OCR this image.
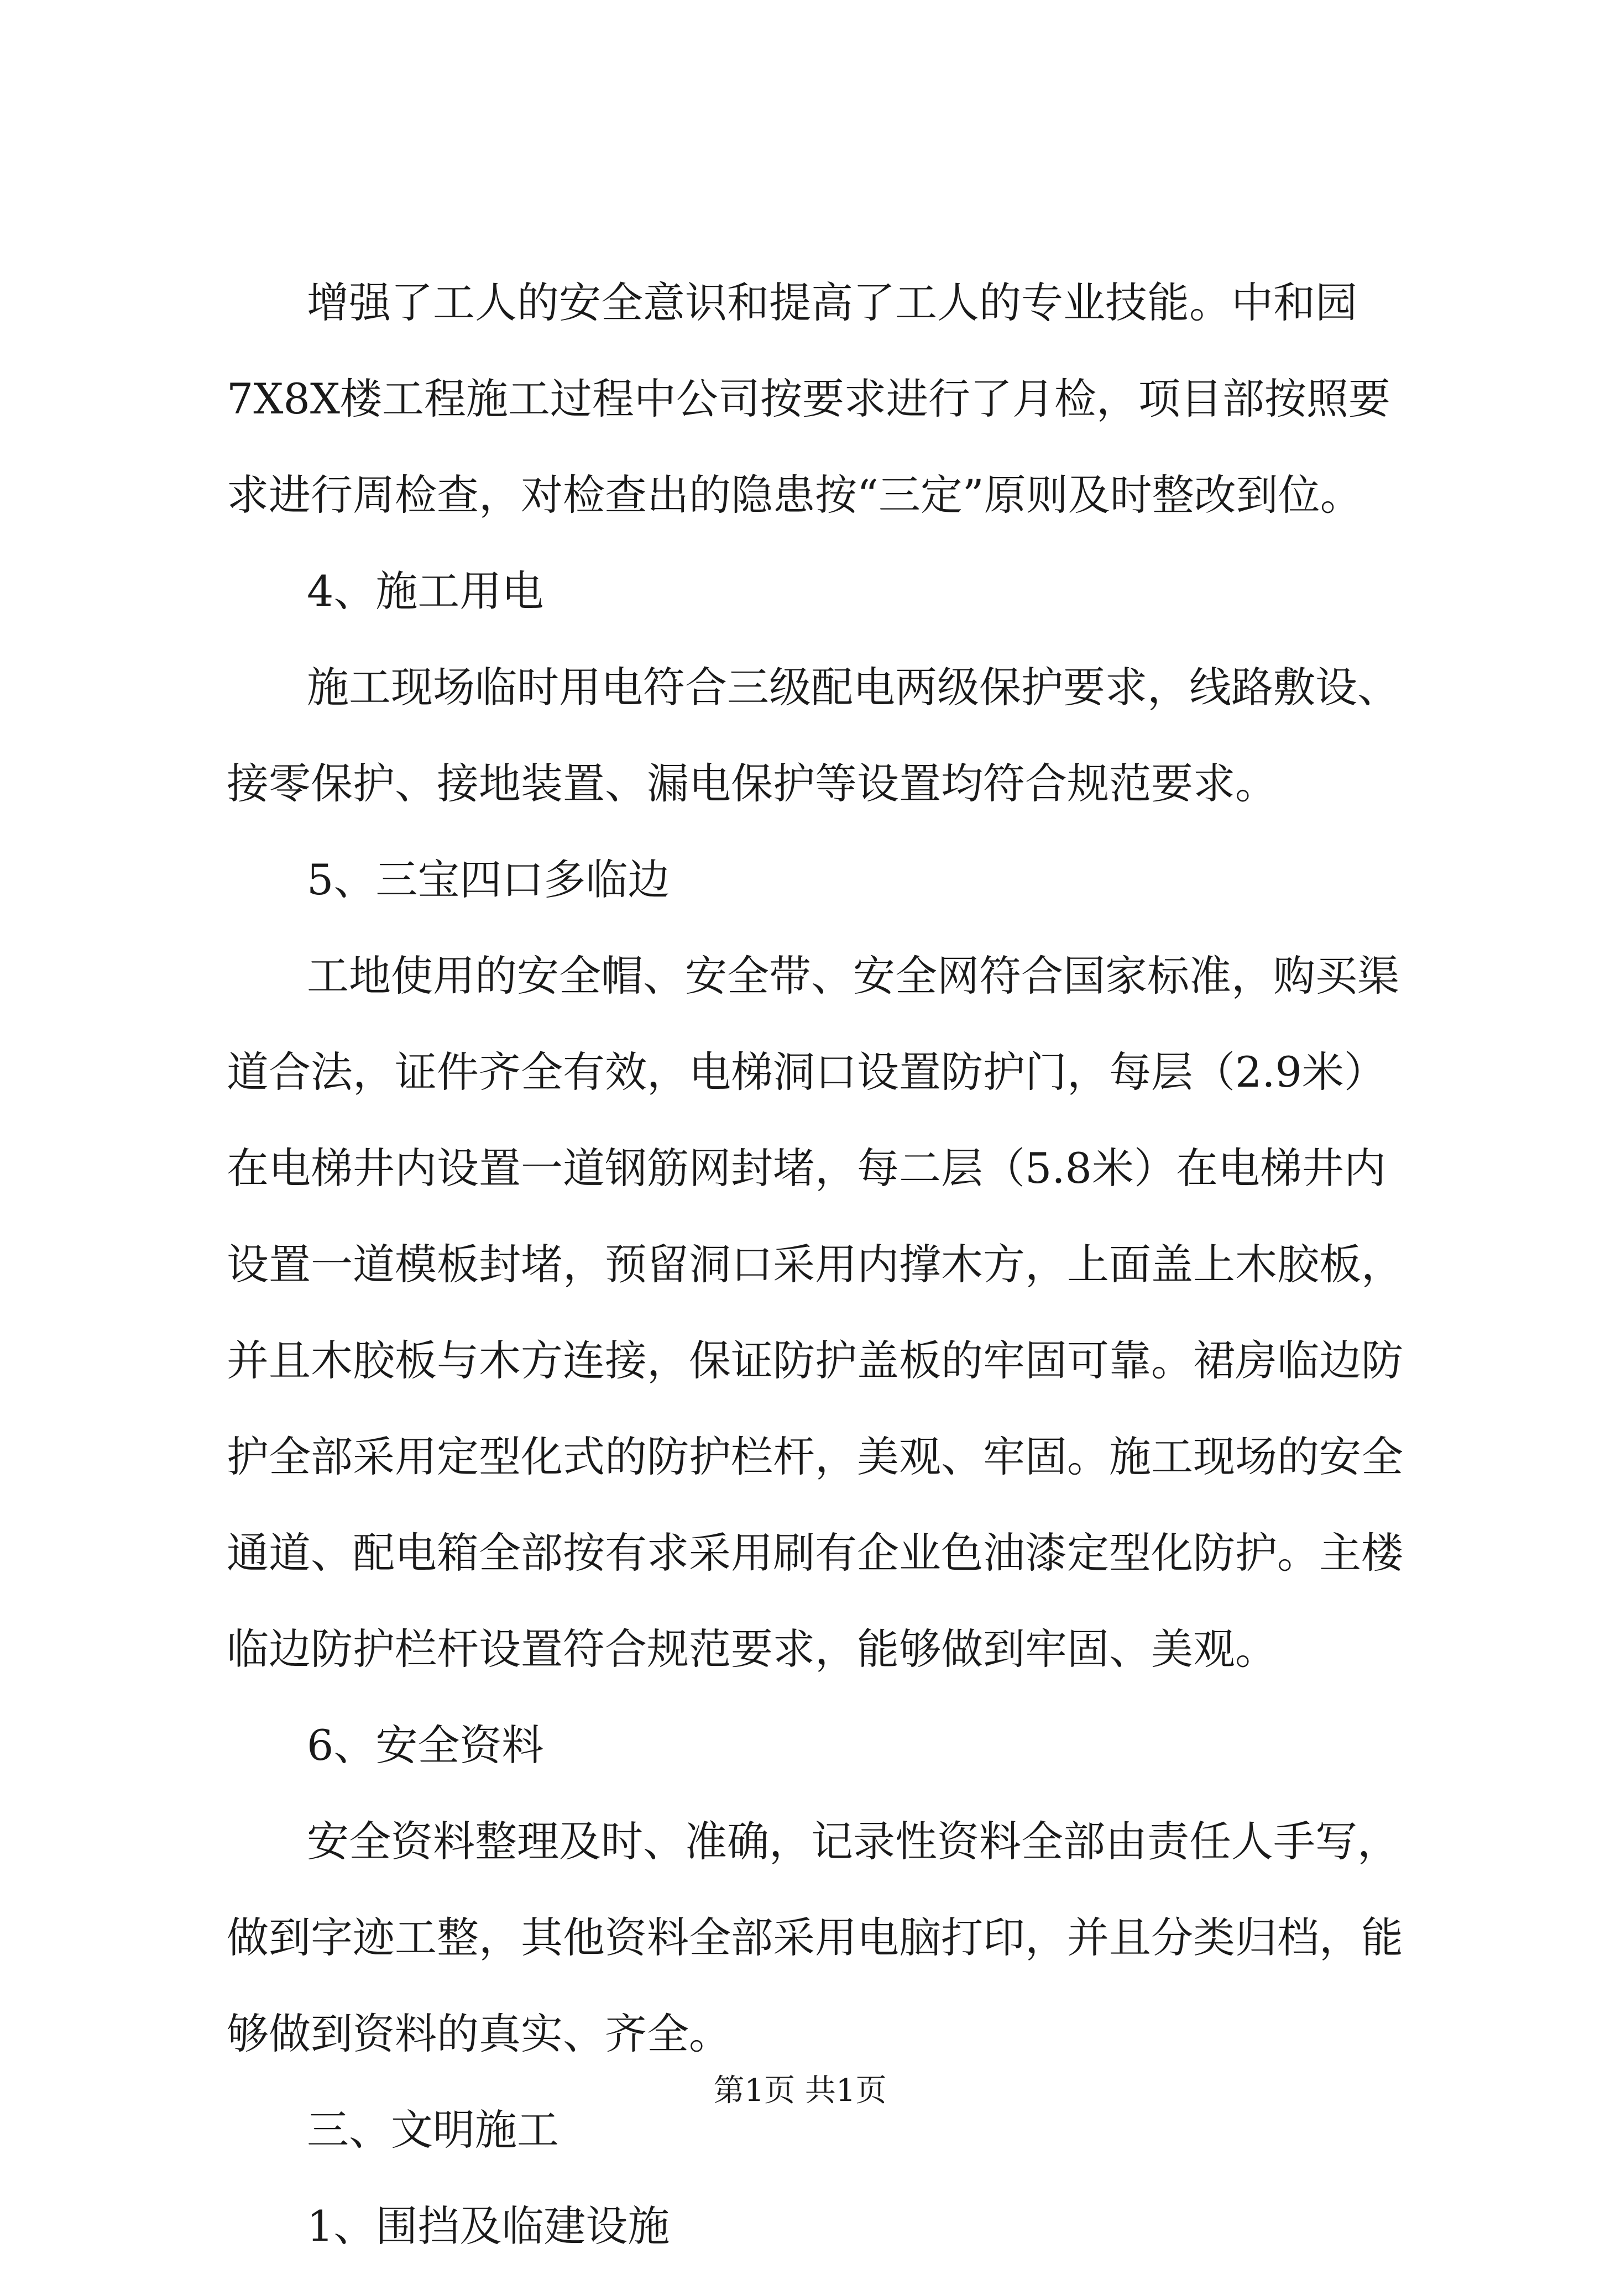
增强了工人的安全意识和提高了工人的专业技能。中和园
7X8X楼工程施工过程中公司按要求进行了月检，项目部按照要
求进行周检查，对检查出的隐患按“三定”原则及时整改到位。
4、施工用电
施工现场临时用电符合三级配电两级保护要求，线路敷设、
接零保护、接地装置、漏电保护等设置均符合规范要求。
5、三宝四口多临边
工地使用的安全帽、安全带、安全网符合国家标准，购买渠
道合法，证件齐全有效，电梯洞口设置防护门，每层（2.9米）
在电梯井内设置一道钢筋网封堵，每二层（5.8米）在电梯井内
设置一道模板封堵，预留洞口采用内撑木方，上面盖上木胶板，
并且木胶板与木方连接，保证防护盖板的牢固可靠。裙房临边防
护全部采用定型化式的防护栏杆，美观、牢固。施工现场的安全
通道、配电箱全部按有求采用刷有企业色油漆定型化防护。主楼
临边防护栏杆设置符合规范要求，能够做到牢固、美观。
6、安全资料
安全资料整理及时、准确，记录性资料全部由责任人手写，
做到字迹工整，其他资料全部采用电脑打印，并且分类归档，能
够做到资料的真实、齐全。
三、文明施工
1、围挡及临建设施
第1页 共1页
